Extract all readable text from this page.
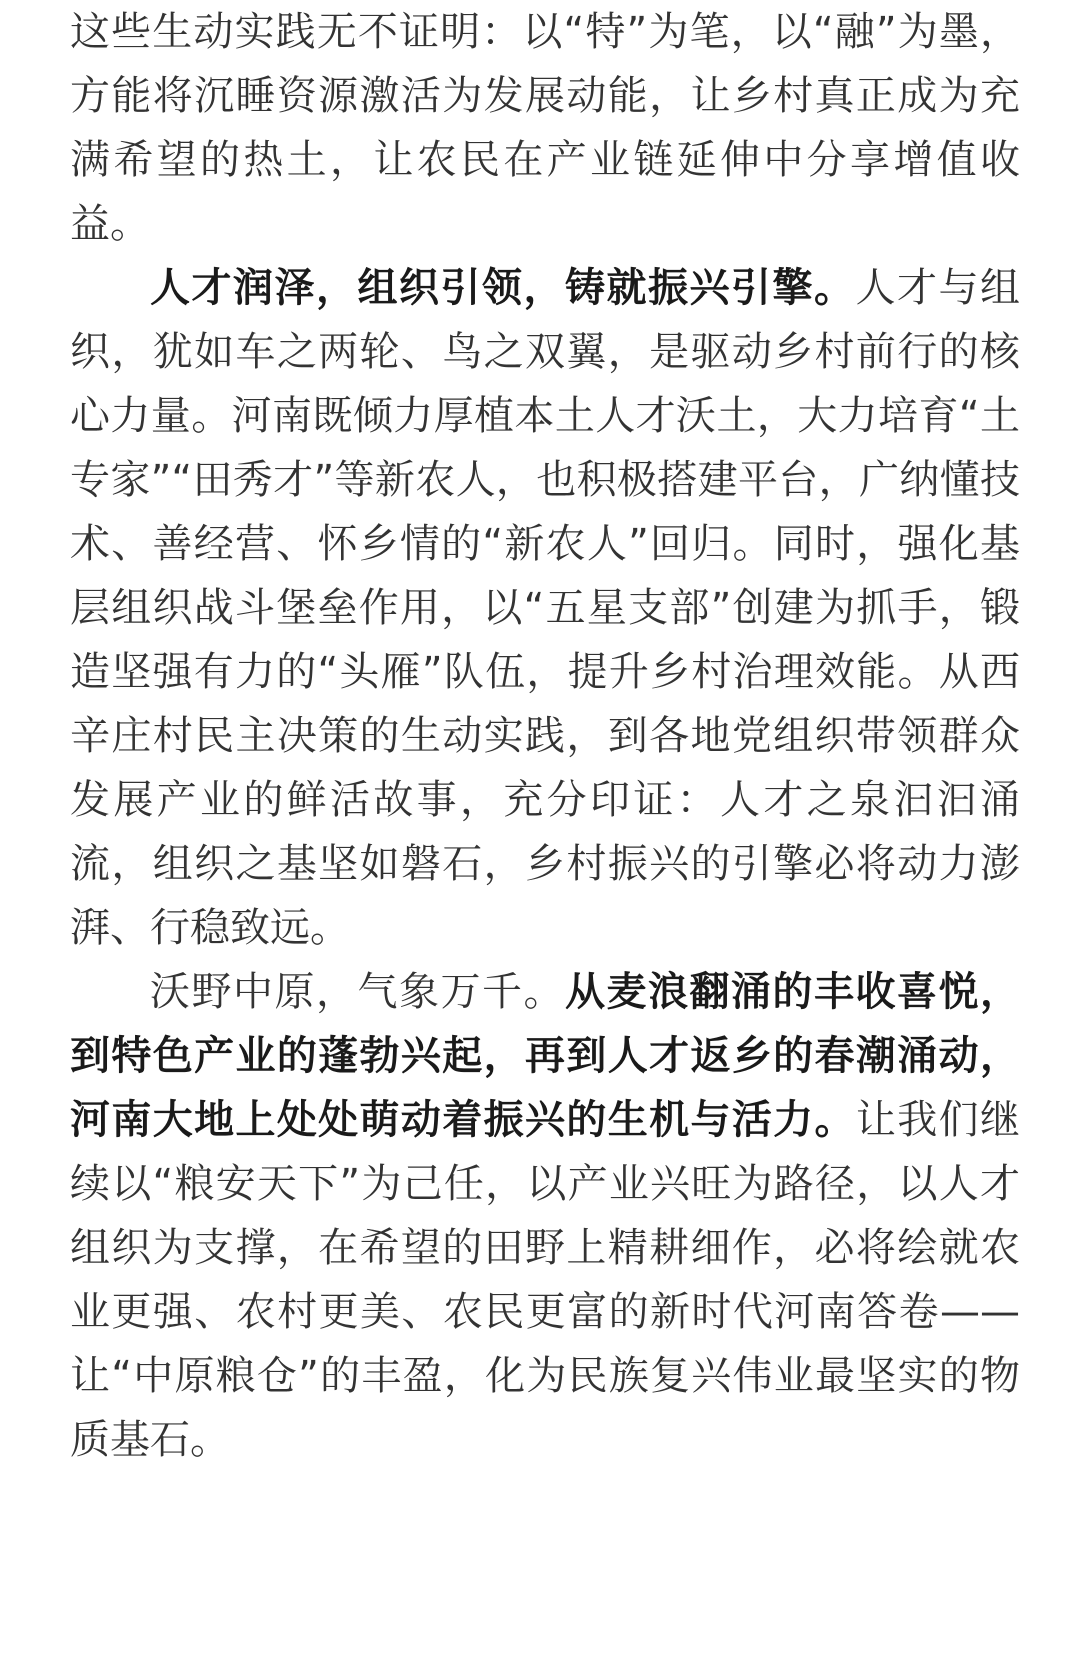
这些生动实践无不证明：以“特”为笔，以“融”为墨，方能将沉睡资源激活为发展动能，让乡村真正成为充满希望的热土，让农民在产业链延伸中分享增值收益。

人才润泽，组织引领，铸就振兴引擎。人才与组织，犹如车之两轮、鸟之双翼，是驱动乡村前行的核心力量。河南既倾力厚植本土人才沃土，大力培育“土专家”“田秀才”等新农人，也积极搭建平台，广纳懂技术、善经营、怀乡情的“新农人”回归。同时，强化基层组织战斗堡垒作用，以“五星支部”创建为抓手，锻造坚强有力的“头雁”队伍，提升乡村治理效能。从西辛庄村民主决策的生动实践，到各地党组织带领群众发展产业的鲜活故事，充分印证：人才之泉汩汩涌流，组织之基坚如磐石，乡村振兴的引擎必将动力澎湃、行稳致远。

沃野中原，气象万千。从麦浪翻涌的丰收喜悦，到特色产业的蓬勃兴起，再到人才返乡的春潮涌动，河南大地上处处萌动着振兴的生机与活力。让我们继续以“粮安天下”为己任，以产业兴旺为路径，以人才组织为支撑，在希望的田野上精耕细作，必将绘就农业更强、农村更美、农民更富的新时代河南答卷——让“中原粮仓”的丰盈，化为民族复兴伟业最坚实的物质基石。
